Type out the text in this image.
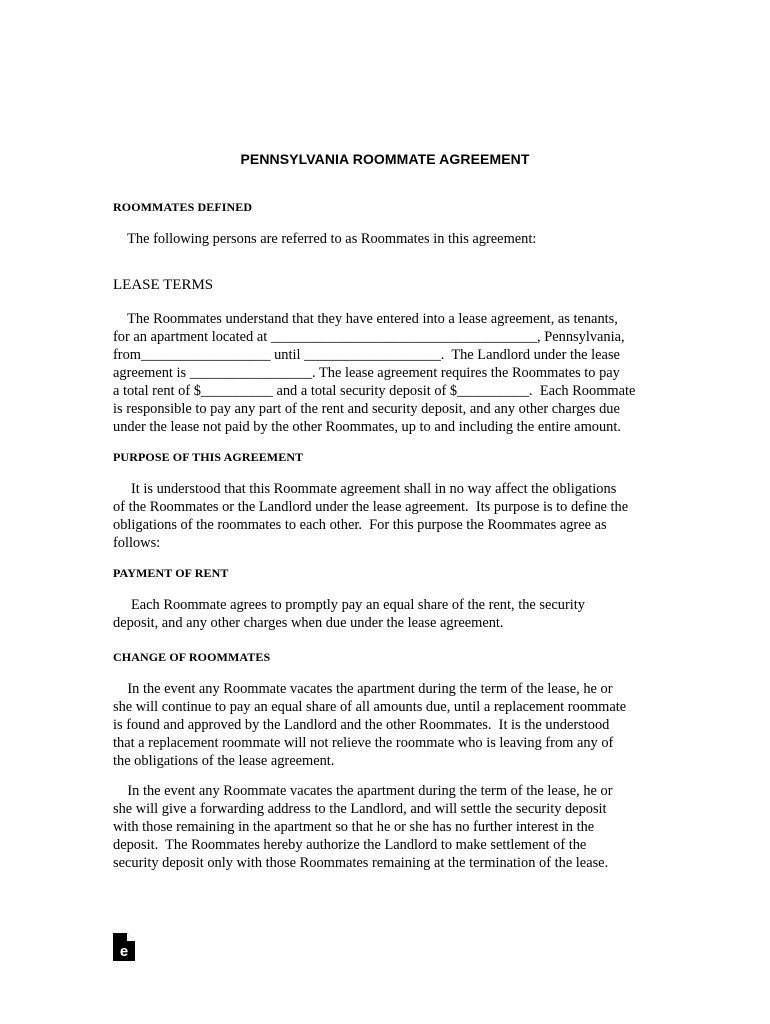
PENNSYLVANIA ROOMMATE AGREEMENT
ROOMMATES DEFINED
The following persons are referred to as Roommates in this agreement:
LEASE TERMS
The Roommates understand that they have entered into a lease agreement, as tenants,
for an apartment located at _____________________________________, Pennsylvania,
from__________________ until ___________________.  The Landlord under the lease
agreement is _________________. The lease agreement requires the Roommates to pay
a total rent of $__________ and a total security deposit of $__________.  Each Roommate
is responsible to pay any part of the rent and security deposit, and any other charges due
under the lease not paid by the other Roommates, up to and including the entire amount.
PURPOSE OF THIS AGREEMENT
It is understood that this Roommate agreement shall in no way affect the obligations
of the Roommates or the Landlord under the lease agreement.  Its purpose is to define the
obligations of the roommates to each other.  For this purpose the Roommates agree as
follows:
PAYMENT OF RENT
Each Roommate agrees to promptly pay an equal share of the rent, the security
deposit, and any other charges when due under the lease agreement.
CHANGE OF ROOMMATES
In the event any Roommate vacates the apartment during the term of the lease, he or
she will continue to pay an equal share of all amounts due, until a replacement roommate
is found and approved by the Landlord and the other Roommates.  It is the understood
that a replacement roommate will not relieve the roommate who is leaving from any of
the obligations of the lease agreement.
In the event any Roommate vacates the apartment during the term of the lease, he or
she will give a forwarding address to the Landlord, and will settle the security deposit
with those remaining in the apartment so that he or she has no further interest in the
deposit.  The Roommates hereby authorize the Landlord to make settlement of the
security deposit only with those Roommates remaining at the termination of the lease.
e
